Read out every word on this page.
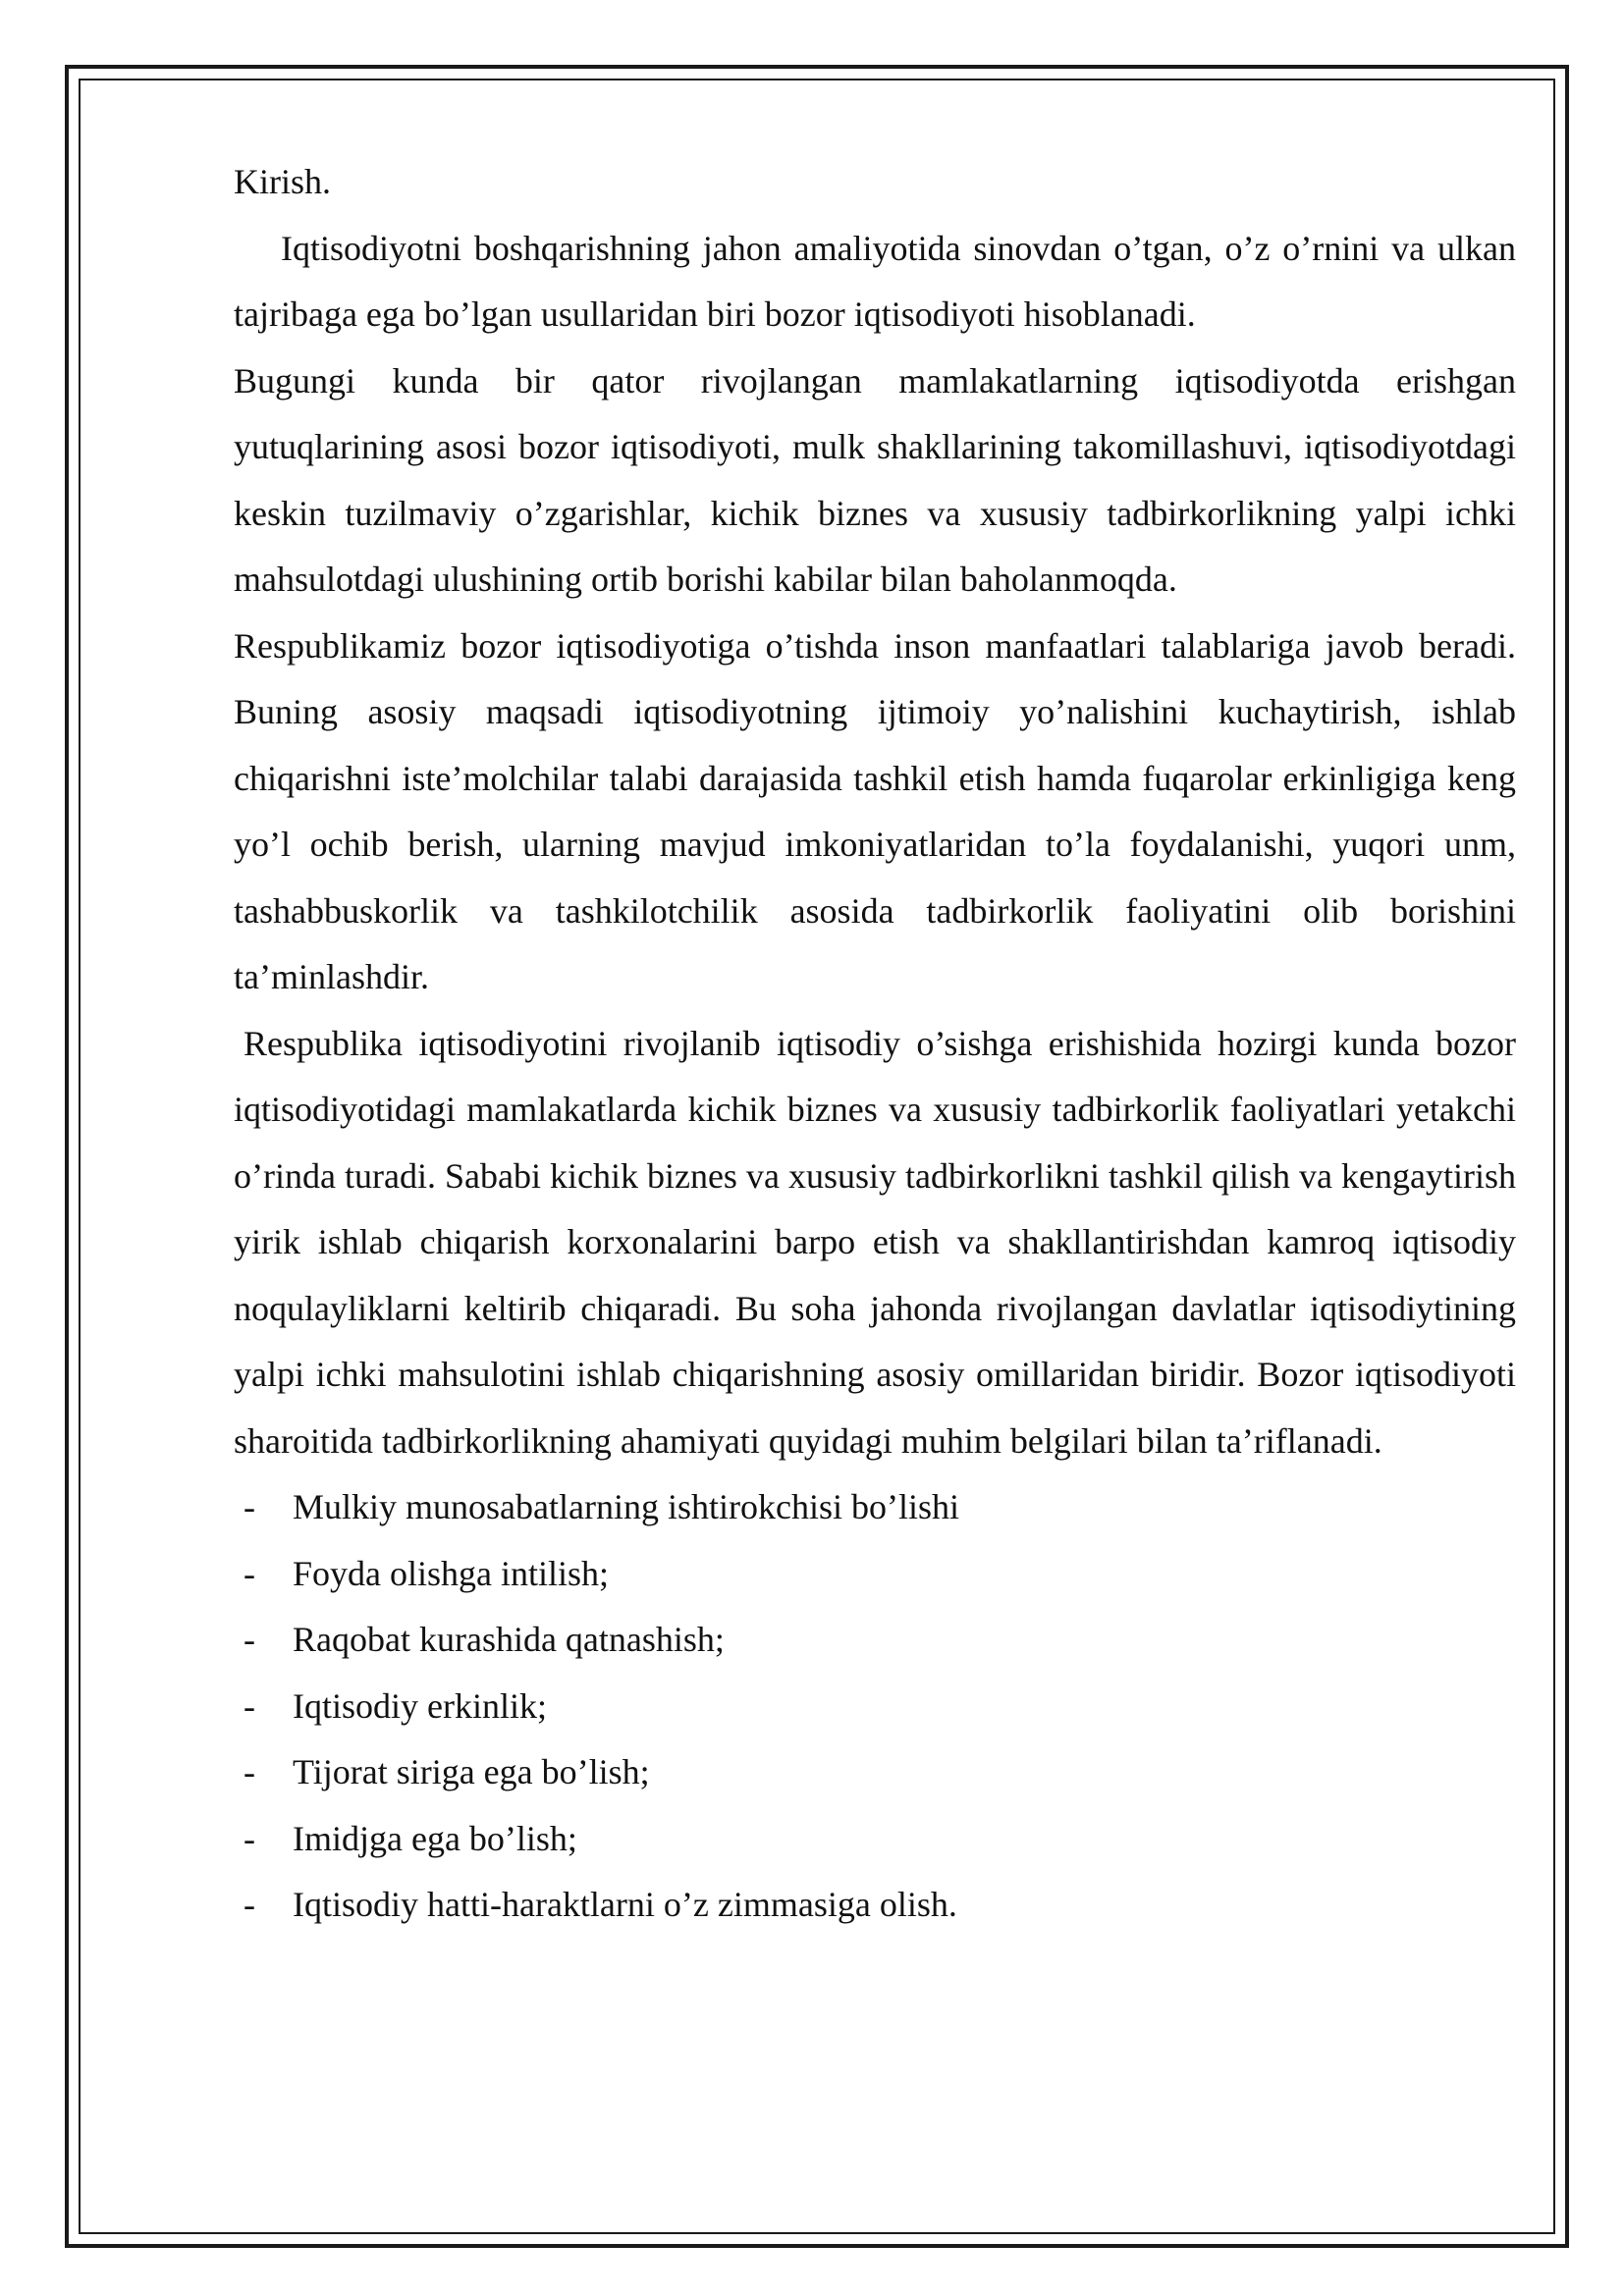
Kirish.

Iqtisodiyotni boshqarishning jahon amaliyotida sinovdan o’tgan, o’z o’rnini va ulkan tajribaga ega bo’lgan usullaridan biri bozor iqtisodiyoti hisoblanadi.

Bugungi kunda bir qator rivojlangan mamlakatlarning iqtisodiyotda erishgan yutuqlarining asosi bozor iqtisodiyoti, mulk shakllarining takomillashuvi, iqtisodiyotdagi keskin tuzilmaviy o’zgarishlar, kichik biznes va xususiy tadbirkorlikning yalpi ichki mahsulotdagi ulushining ortib borishi kabilar bilan baholanmoqda.

Respublikamiz bozor iqtisodiyotiga o’tishda inson manfaatlari talablariga javob beradi. Buning asosiy maqsadi iqtisodiyotning ijtimoiy yo’nalishini kuchaytirish, ishlab chiqarishni iste’molchilar talabi darajasida tashkil etish hamda fuqarolar erkinligiga keng yo’l ochib berish, ularning mavjud imkoniyatlaridan to’la foydalanishi, yuqori unm, tashabbuskorlik va tashkilotchilik asosida tadbirkorlik faoliyatini olib borishini ta’minlashdir.

Respublika iqtisodiyotini rivojlanib iqtisodiy o’sishga erishishida hozirgi kunda bozor iqtisodiyotidagi mamlakatlarda kichik biznes va xususiy tadbirkorlik faoliyatlari yetakchi o’rinda turadi. Sababi kichik biznes va xususiy tadbirkorlikni tashkil qilish va kengaytirish yirik ishlab chiqarish korxonalarini barpo etish va shakllantirishdan kamroq iqtisodiy noqulayliklarni keltirib chiqaradi. Bu soha jahonda rivojlangan davlatlar iqtisodiytining yalpi ichki mahsulotini ishlab chiqarishning asosiy omillaridan biridir. Bozor iqtisodiyoti sharoitida tadbirkorlikning ahamiyati quyidagi muhim belgilari bilan ta’riflanadi.

-	Mulkiy munosabatlarning ishtirokchisi bo’lishi
-	Foyda olishga intilish;
-	Raqobat kurashida qatnashish;
-	Iqtisodiy erkinlik;
-	Tijorat siriga ega bo’lish;
-	Imidjga ega bo’lish;
-	Iqtisodiy hatti-haraktlarni o’z zimmasiga olish.
